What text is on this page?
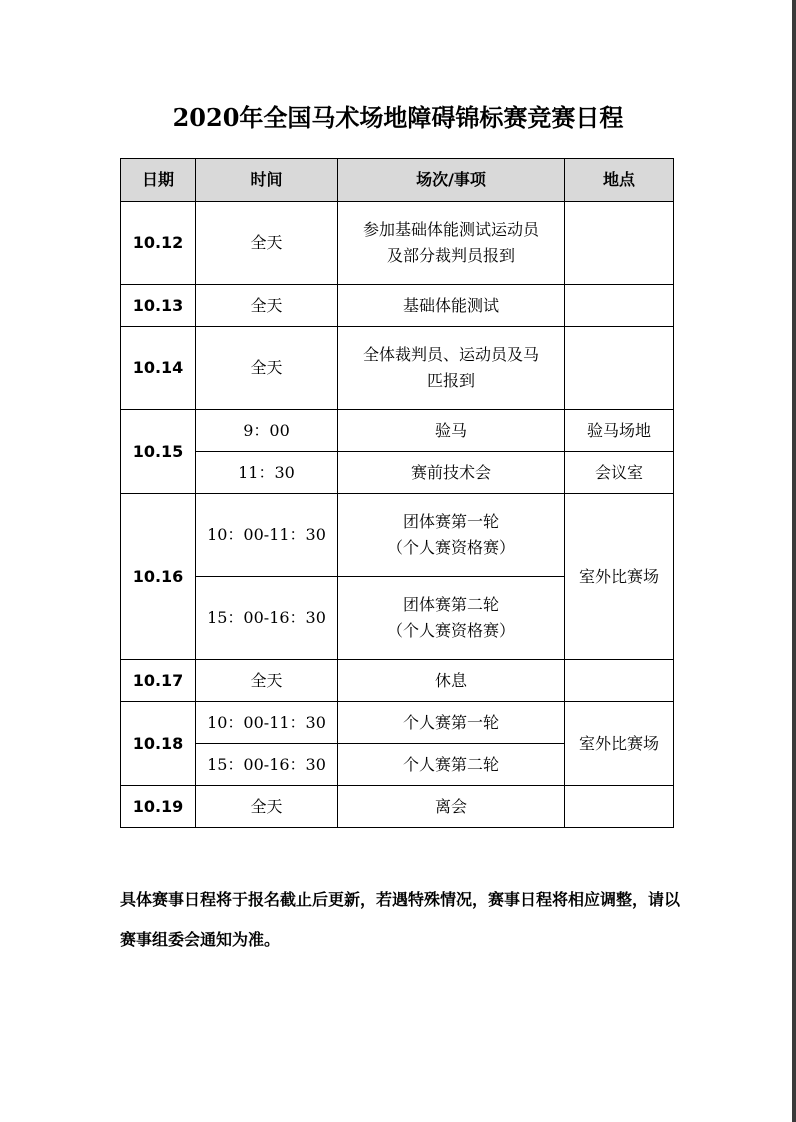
2020年全国马术场地障碍锦标赛竞赛日程
日期	时间	场次/事项	地点
10.12	全天	参加基础体能测试运动员
及部分裁判员报到	

10.13	全天	基础体能测试	
10.14	全天	全体裁判员、运动员及马
匹报到	

10.15	9：00	验马	验马场地
	11：30	赛前技术会	会议室
10.16	10：00-11：30	团体赛第一轮
（个人赛资格赛）	室外比赛场
	15：00-16：30	团体赛第二轮
（个人赛资格赛）	

10.17	全天	休息	
10.18	10：00-11：30	个人赛第一轮	室外比赛场
	15：00-16：30	个人赛第二轮	
10.19	全天	离会	
具体赛事日程将于报名截止后更新，若遇特殊情况，赛事日程将相应调整，请以赛事组委会通知为准。
